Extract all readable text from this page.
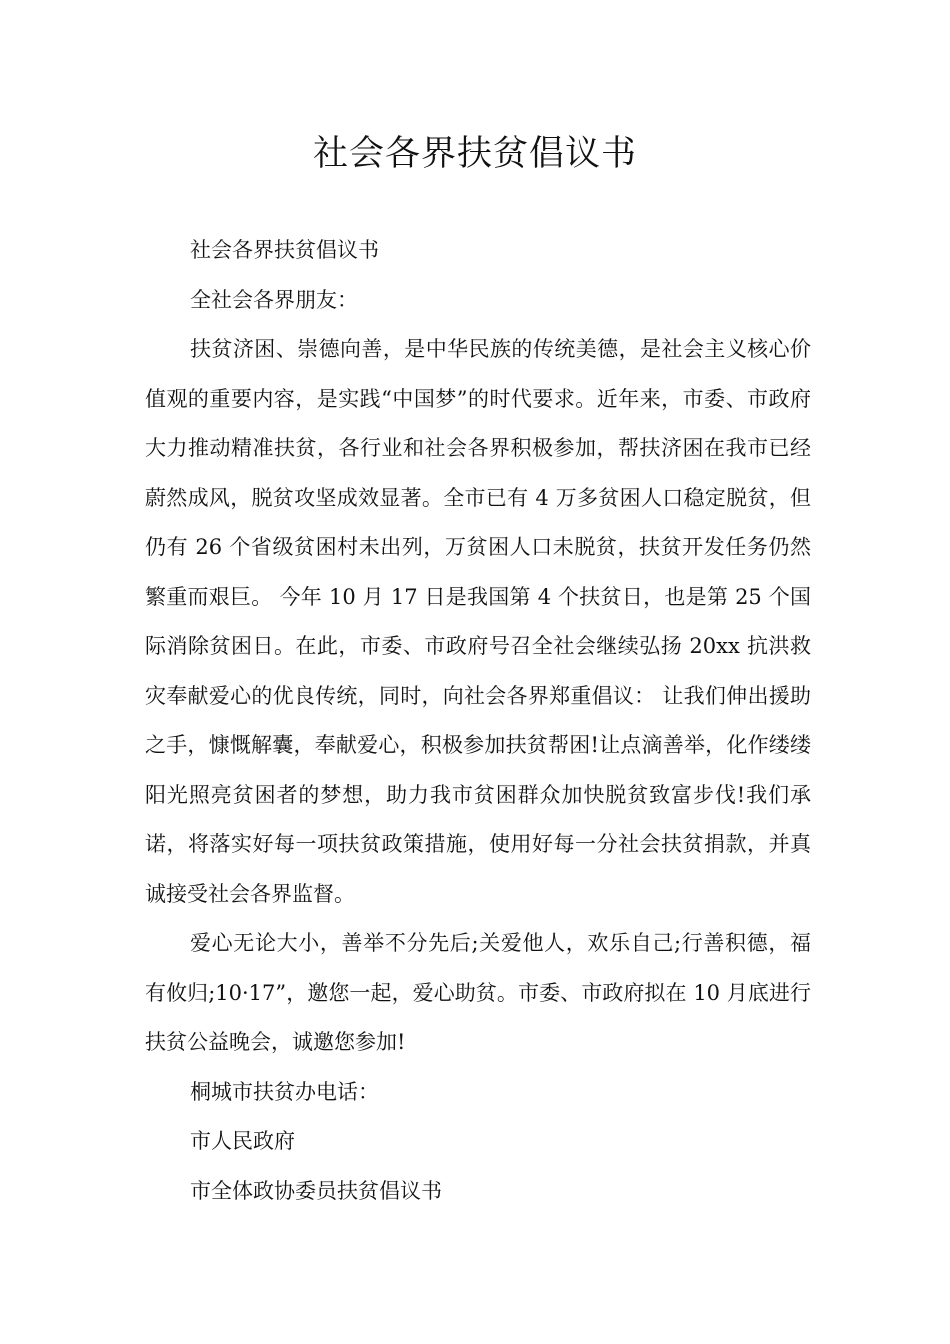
社会各界扶贫倡议书

社会各界扶贫倡议书

全社会各界朋友：

扶贫济困、崇德向善，是中华民族的传统美德，是社会主义核心价值观的重要内容，是实践“中国梦”的时代要求。近年来，市委、市政府大力推动精准扶贫，各行业和社会各界积极参加，帮扶济困在我市已经蔚然成风，脱贫攻坚成效显著。全市已有 4 万多贫困人口稳定脱贫，但仍有 26 个省级贫困村未出列，万贫困人口未脱贫，扶贫开发任务仍然繁重而艰巨。 今年 10 月 17 日是我国第 4 个扶贫日，也是第 25 个国际消除贫困日。在此，市委、市政府号召全社会继续弘扬 20xx 抗洪救灾奉献爱心的优良传统，同时，向社会各界郑重倡议： 让我们伸出援助之手，慷慨解囊，奉献爱心，积极参加扶贫帮困!让点滴善举，化作缕缕阳光照亮贫困者的梦想，助力我市贫困群众加快脱贫致富步伐!我们承诺，将落实好每一项扶贫政策措施，使用好每一分社会扶贫捐款，并真诚接受社会各界监督。

爱心无论大小，善举不分先后;关爱他人，欢乐自己;行善积德，福有攸归;10·17”，邀您一起，爱心助贫。市委、市政府拟在 10 月底进行扶贫公益晚会，诚邀您参加!

桐城市扶贫办电话：

市人民政府

市全体政协委员扶贫倡议书
